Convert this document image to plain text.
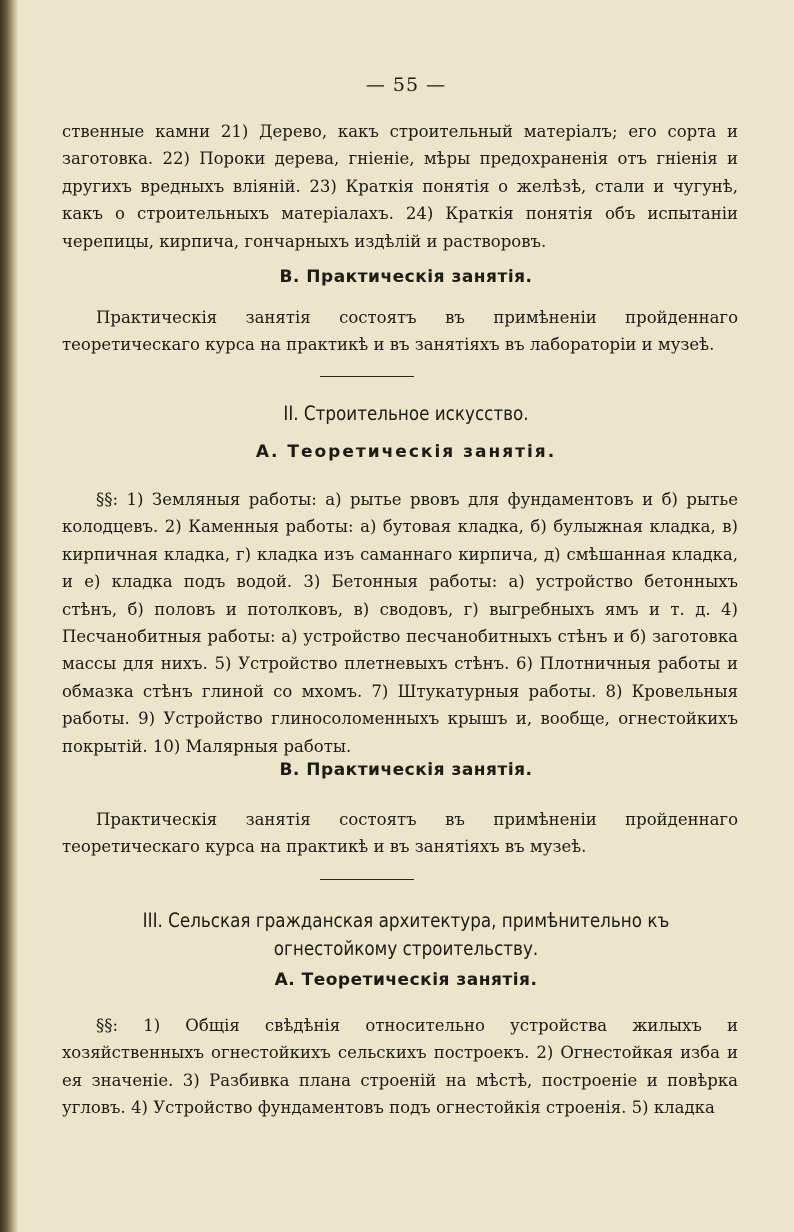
— 55 —

ственные камни 21) Дерево, какъ строительный матеріалъ; его сорта и заготовка. 22) Пороки дерева, гніеніе, мѣры предохраненія отъ гніенія и другихъ вредныхъ вліяній. 23) Краткія понятія о желѣзѣ, стали и чугунѣ, какъ о строительныхъ матеріалахъ. 24) Краткія понятія объ испытаніи черепицы, кирпича, гончарныхъ издѣлій и растворовъ.

В. Практическія занятія.

Практическія занятія состоятъ въ примѣненіи пройденнаго теоретическаго курса на практикѣ и въ занятіяхъ въ лабораторіи и музеѣ.

II. Строительное искусство.
А. Теоретическія занятія.

§§: 1) Земляныя работы: а) рытье рвовъ для фундаментовъ и б) рытье колодцевъ. 2) Каменныя работы: а) бутовая кладка, б) булыжная кладка, в) кирпичная кладка, г) кладка изъ саманнаго кирпича, д) смѣшанная кладка, и е) кладка подъ водой. 3) Бетонныя работы: а) устройство бетонныхъ стѣнъ, б) половъ и потолковъ, в) сводовъ, г) выгребныхъ ямъ и т. д. 4) Песчанобитныя работы: а) устройство песчанобитныхъ стѣнъ и б) заготовка массы для нихъ. 5) Устройство плетневыхъ стѣнъ. 6) Плотничныя работы и обмазка стѣнъ глиной со мхомъ. 7) Штукатурныя работы. 8) Кровельныя работы. 9) Устройство глиносоломенныхъ крышъ и, вообще, огнестойкихъ покрытій. 10) Малярныя работы.

В. Практическія занятія.

Практическія занятія состоятъ въ примѣненіи пройденнаго теоретическаго курса на практикѣ и въ занятіяхъ въ музеѣ.

III. Сельская гражданская архитектура, примѣнительно къ огнестойкому строительству.
А. Теоретическія занятія.

§§: 1) Общія свѣдѣнія относительно устройства жилыхъ и хозяйственныхъ огнестойкихъ сельскихъ построекъ. 2) Огнестойкая изба и ея значеніе. 3) Разбивка плана строеній на мѣстѣ, построеніе и повѣрка угловъ. 4) Устройство фундаментовъ подъ огнестойкія строенія. 5) кладка
